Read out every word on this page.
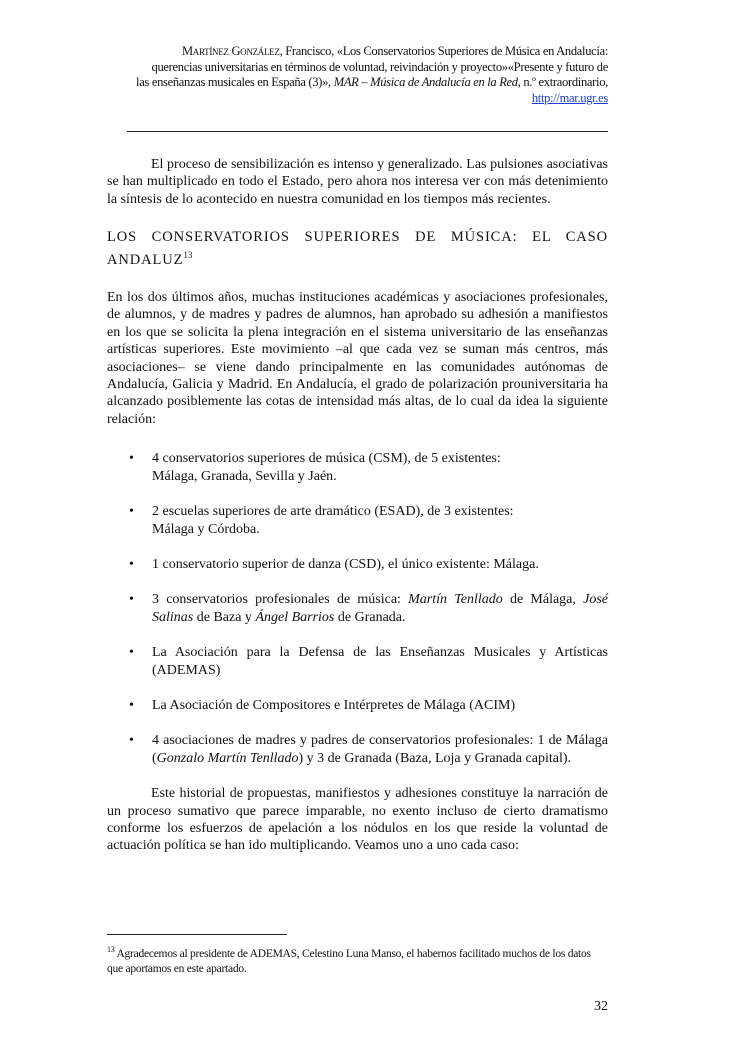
Martínez González, Francisco, «Los Conservatorios Superiores de Música en Andalucía:
querencias universitarias en términos de voluntad, reivindación y proyecto»«Presente y futuro de
las enseñanzas musicales en España (3)», MAR – Música de Andalucía en la Red, n.º extraordinario,
http://mar.ugr.es

El proceso de sensibilización es intenso y generalizado. Las pulsiones asociativas se han multiplicado en todo el Estado, pero ahora nos interesa ver con más detenimiento la síntesis de lo acontecido en nuestra comunidad en los tiempos más recientes.

LOS CONSERVATORIOS SUPERIORES DE MÚSICA: EL CASO ANDALUZ$^{13}$

En los dos últimos años, muchas instituciones académicas y asociaciones profesionales, de alumnos, y de madres y padres de alumnos, han aprobado su adhesión a manifiestos en los que se solicita la plena integración en el sistema universitario de las enseñanzas artísticas superiores. Este movimiento –al que cada vez se suman más centros, más asociaciones– se viene dando principalmente en las comunidades autónomas de Andalucía, Galicia y Madrid. En Andalucía, el grado de polarización prouniversitaria ha alcanzado posiblemente las cotas de intensidad más altas, de lo cual da idea la siguiente relación:

• 4 conservatorios superiores de música (CSM), de 5 existentes:
Málaga, Granada, Sevilla y Jaén.
• 2 escuelas superiores de arte dramático (ESAD), de 3 existentes:
Málaga y Córdoba.
• 1 conservatorio superior de danza (CSD), el único existente: Málaga.
• 3 conservatorios profesionales de música: Martín Tenllado de Málaga, José Salinas de Baza y Ángel Barrios de Granada.
• La Asociación para la Defensa de las Enseñanzas Musicales y Artísticas (ADEMAS)
• La Asociación de Compositores e Intérpretes de Málaga (ACIM)
• 4 asociaciones de madres y padres de conservatorios profesionales: 1 de Málaga (Gonzalo Martín Tenllado) y 3 de Granada (Baza, Loja y Granada capital).

Este historial de propuestas, manifiestos y adhesiones constituye la narración de un proceso sumativo que parece imparable, no exento incluso de cierto dramatismo conforme los esfuerzos de apelación a los nódulos en los que reside la voluntad de actuación política se han ido multiplicando. Veamos uno a uno cada caso:

$^{13}$ Agradecemos al presidente de ADEMAS, Celestino Luna Manso, el habernos facilitado muchos de los datos que aportamos en este apartado.
32
